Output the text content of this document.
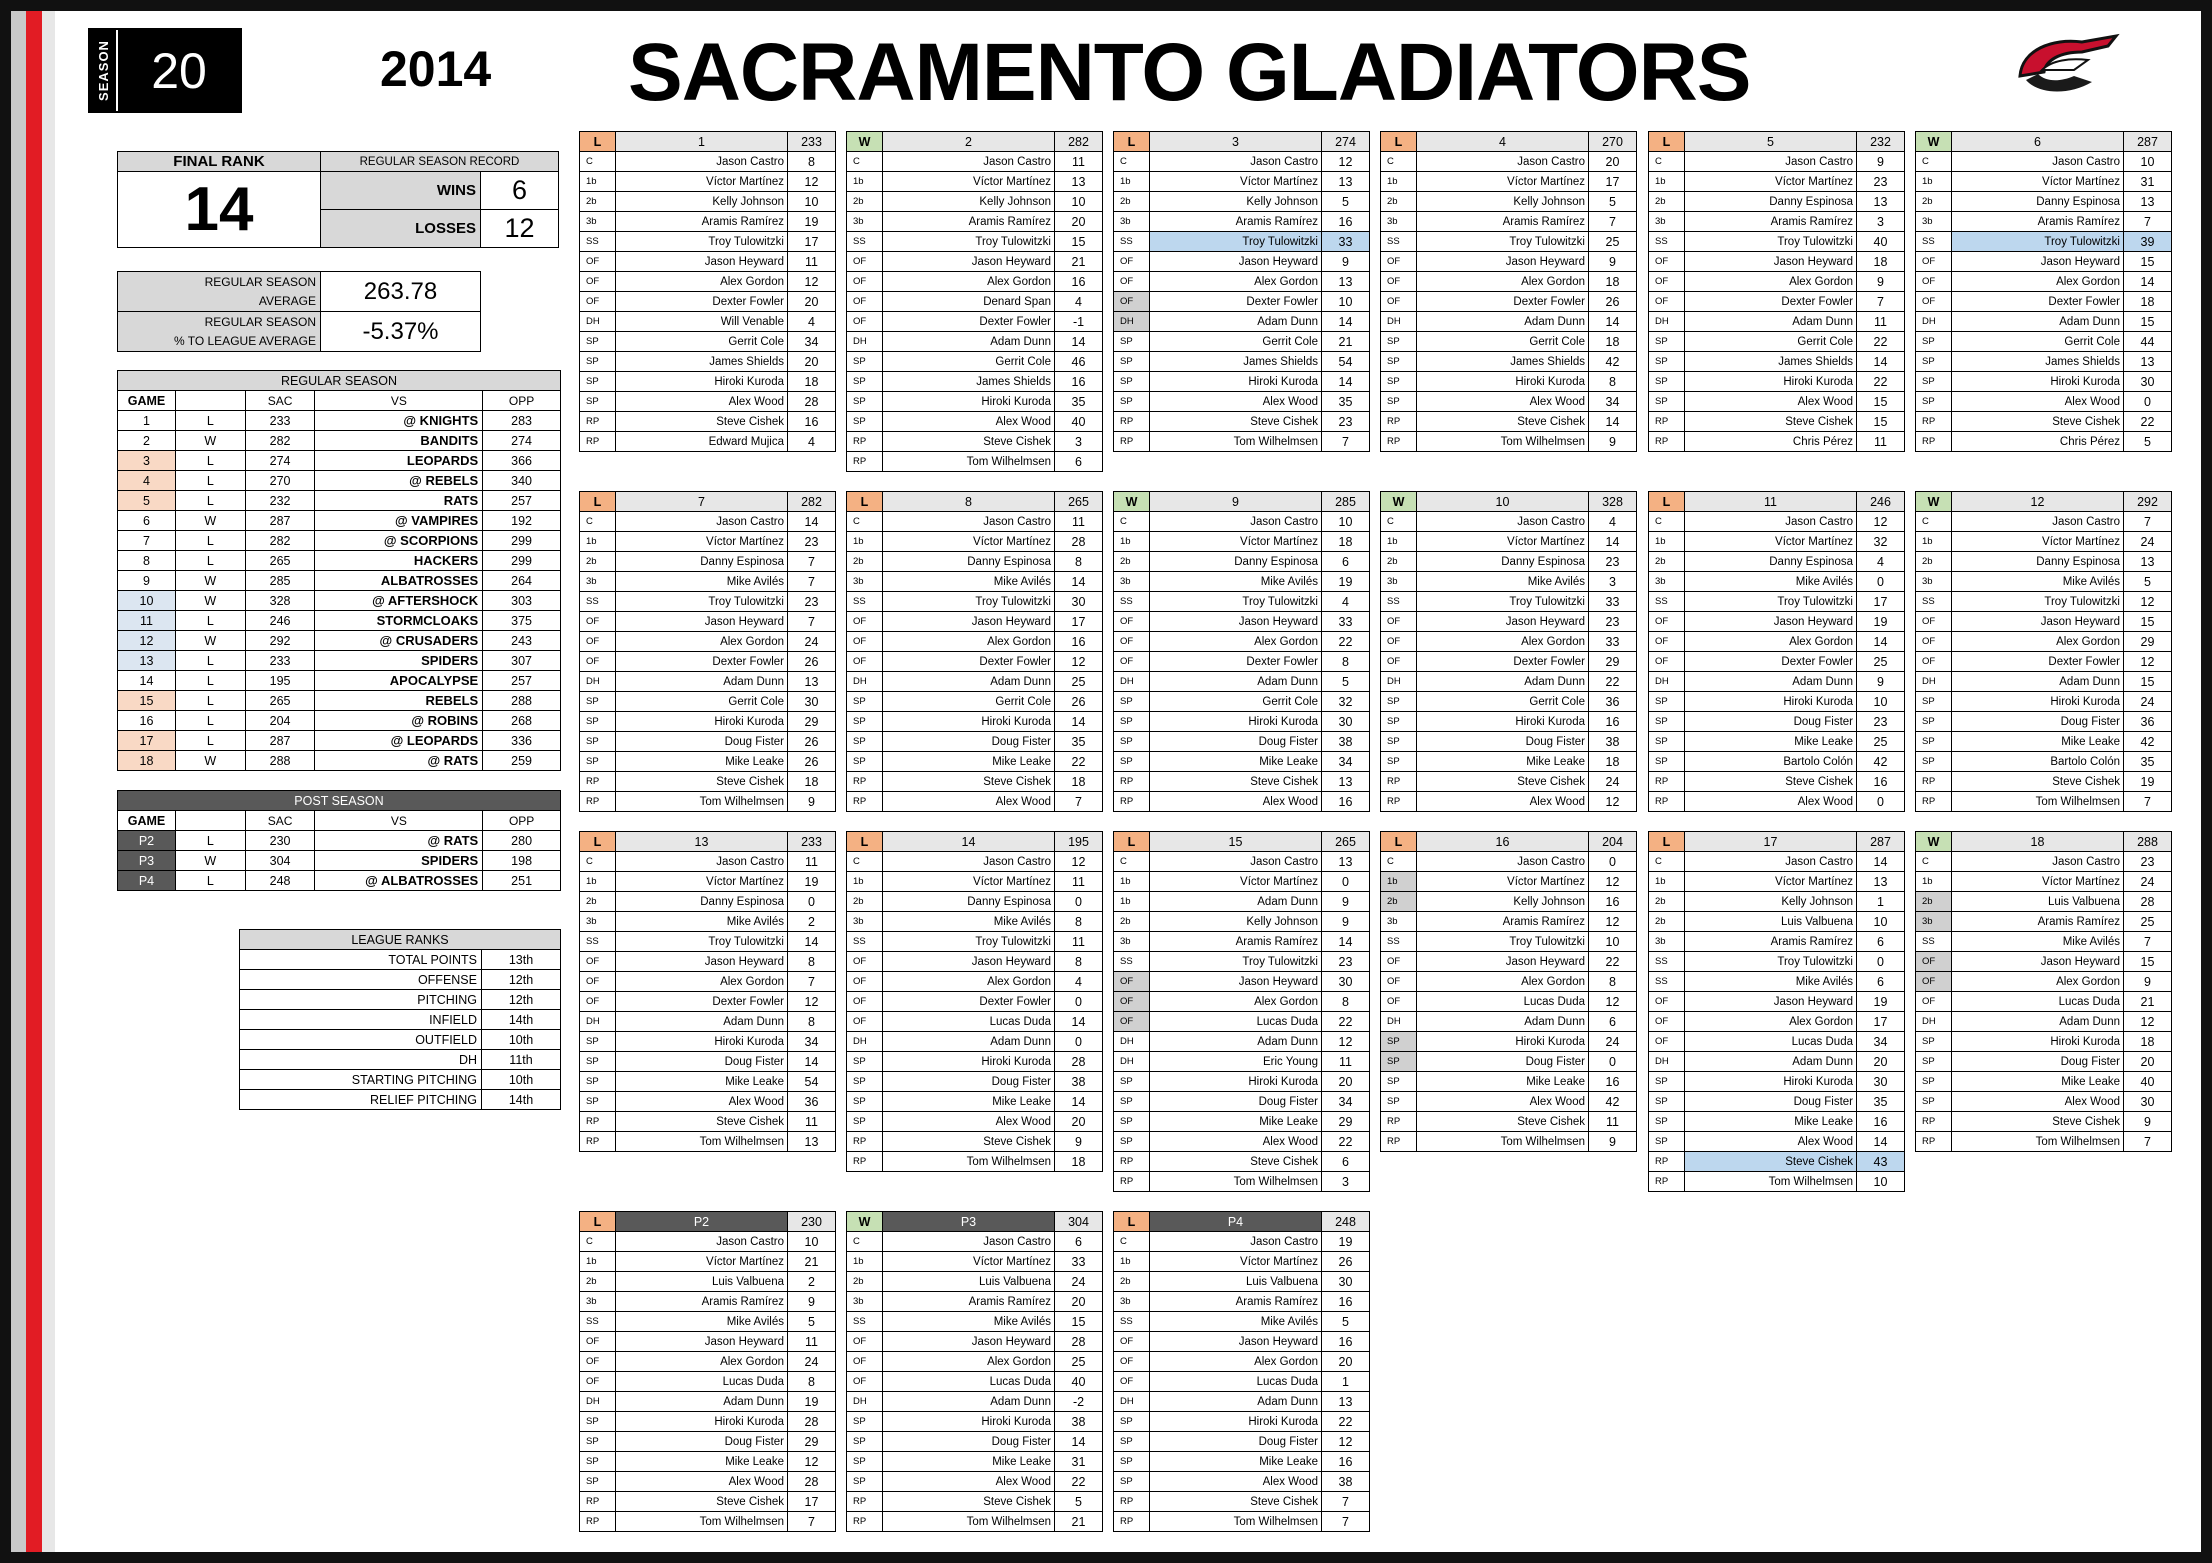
SEASON 20	2014 SACRAMENTO GLADIATORS
FINAL RANK	REGULAR SEASON RECORD	
14	WINS	6
	LOSSES	12
REGULAR SEASON
AVERAGE	263.78

REGULAR SEASON
% TO LEAGUE AVERAGE	-5.37%
REGULAR SEASON				
GAME		SAC	VS	OPP
1	L	233	@ KNIGHTS	283
2	W	282	BANDITS	274
3	L	274	LEOPARDS	366
4	L	270	@ REBELS	340
5	L	232	RATS	257
6	W	287	@ VAMPIRES	192
7	L	282	@ SCORPIONS	299
8	L	265	HACKERS	299
9	W	285	ALBATROSSES	264
10	W	328	@ AFTERSHOCK	303
11	L	246	STORMCLOAKS	375
12	W	292	@ CRUSADERS	243
13	L	233	SPIDERS	307
14	L	195	APOCALYPSE	257
15	L	265	REBELS	288
16	L	204	@ ROBINS	268
17	L	287	@ LEOPARDS	336
18	W	288	@ RATS	259
POST SEASON				
GAME		SAC	VS	OPP
P2	L	230	@ RATS	280
P3	W	304	SPIDERS	198
P4	L	248	@ ALBATROSSES	251
LEAGUE RANKS	
TOTAL POINTS	13th
OFFENSE	12th
PITCHING	12th
INFIELD	14th
OUTFIELD	10th
DH	11th
STARTING PITCHING	10th
RELIEF PITCHING	14th
L	1	233
C	Jason Castro	8
1b	Víctor Martínez	12
2b	Kelly Johnson	10
3b	Aramis Ramírez	19
SS	Troy Tulowitzki	17
OF	Jason Heyward	11
OF	Alex Gordon	12
OF	Dexter Fowler	20
DH	Will Venable	4
SP	Gerrit Cole	34
SP	James Shields	20
SP	Hiroki Kuroda	18
SP	Alex Wood	28
RP	Steve Cishek	16
RP	Edward Mujica	4
W	2	282
C	Jason Castro	11
1b	Víctor Martínez	13
2b	Kelly Johnson	10
3b	Aramis Ramírez	20
SS	Troy Tulowitzki	15
OF	Jason Heyward	21
OF	Alex Gordon	16
OF	Denard Span	4
OF	Dexter Fowler	-1
DH	Adam Dunn	14
SP	Gerrit Cole	46
SP	James Shields	16
SP	Hiroki Kuroda	35
SP	Alex Wood	40
RP	Steve Cishek	3
RP	Tom Wilhelmsen	6
L	3	274
C	Jason Castro	12
1b	Víctor Martínez	13
2b	Kelly Johnson	5
3b	Aramis Ramírez	16
SS	Troy Tulowitzki	33
OF	Jason Heyward	9
OF	Alex Gordon	13
OF	Dexter Fowler	10
DH	Adam Dunn	14
SP	Gerrit Cole	21
SP	James Shields	54
SP	Hiroki Kuroda	14
SP	Alex Wood	35
RP	Steve Cishek	23
RP	Tom Wilhelmsen	7
L	4	270
C	Jason Castro	20
1b	Víctor Martínez	17
2b	Kelly Johnson	5
3b	Aramis Ramírez	7
SS	Troy Tulowitzki	25
OF	Jason Heyward	9
OF	Alex Gordon	18
OF	Dexter Fowler	26
DH	Adam Dunn	14
SP	Gerrit Cole	18
SP	James Shields	42
SP	Hiroki Kuroda	8
SP	Alex Wood	34
RP	Steve Cishek	14
RP	Tom Wilhelmsen	9
L	5	232
C	Jason Castro	9
1b	Víctor Martínez	23
2b	Danny Espinosa	13
3b	Aramis Ramírez	3
SS	Troy Tulowitzki	40
OF	Jason Heyward	18
OF	Alex Gordon	9
OF	Dexter Fowler	7
DH	Adam Dunn	11
SP	Gerrit Cole	22
SP	James Shields	14
SP	Hiroki Kuroda	22
SP	Alex Wood	15
RP	Steve Cishek	15
RP	Chris Pérez	11
W	6	287
C	Jason Castro	10
1b	Víctor Martínez	31
2b	Danny Espinosa	13
3b	Aramis Ramírez	7
SS	Troy Tulowitzki	39
OF	Jason Heyward	15
OF	Alex Gordon	14
OF	Dexter Fowler	18
DH	Adam Dunn	15
SP	Gerrit Cole	44
SP	James Shields	13
SP	Hiroki Kuroda	30
SP	Alex Wood	0
RP	Steve Cishek	22
RP	Chris Pérez	5
L	7	282
C	Jason Castro	14
1b	Víctor Martínez	23
2b	Danny Espinosa	7
3b	Mike Avilés	7
SS	Troy Tulowitzki	23
OF	Jason Heyward	7
OF	Alex Gordon	24
OF	Dexter Fowler	26
DH	Adam Dunn	13
SP	Gerrit Cole	30
SP	Hiroki Kuroda	29
SP	Doug Fister	26
SP	Mike Leake	26
RP	Steve Cishek	18
RP	Tom Wilhelmsen	9
L	8	265
C	Jason Castro	11
1b	Víctor Martínez	28
2b	Danny Espinosa	8
3b	Mike Avilés	14
SS	Troy Tulowitzki	30
OF	Jason Heyward	17
OF	Alex Gordon	16
OF	Dexter Fowler	12
DH	Adam Dunn	25
SP	Gerrit Cole	26
SP	Hiroki Kuroda	14
SP	Doug Fister	35
SP	Mike Leake	22
RP	Steve Cishek	18
RP	Alex Wood	7
W	9	285
C	Jason Castro	10
1b	Víctor Martínez	18
2b	Danny Espinosa	6
3b	Mike Avilés	19
SS	Troy Tulowitzki	4
OF	Jason Heyward	33
OF	Alex Gordon	22
OF	Dexter Fowler	8
DH	Adam Dunn	5
SP	Gerrit Cole	32
SP	Hiroki Kuroda	30
SP	Doug Fister	38
SP	Mike Leake	34
RP	Steve Cishek	13
RP	Alex Wood	16
W	10	328
C	Jason Castro	4
1b	Víctor Martínez	14
2b	Danny Espinosa	23
3b	Mike Avilés	3
SS	Troy Tulowitzki	33
OF	Jason Heyward	23
OF	Alex Gordon	33
OF	Dexter Fowler	29
DH	Adam Dunn	22
SP	Gerrit Cole	36
SP	Hiroki Kuroda	16
SP	Doug Fister	38
SP	Mike Leake	18
RP	Steve Cishek	24
RP	Alex Wood	12
L	11	246
C	Jason Castro	12
1b	Víctor Martínez	32
2b	Danny Espinosa	4
3b	Mike Avilés	0
SS	Troy Tulowitzki	17
OF	Jason Heyward	19
OF	Alex Gordon	14
OF	Dexter Fowler	25
DH	Adam Dunn	9
SP	Hiroki Kuroda	10
SP	Doug Fister	23
SP	Mike Leake	25
SP	Bartolo Colón	42
RP	Steve Cishek	16
RP	Alex Wood	0
W	12	292
C	Jason Castro	7
1b	Víctor Martínez	24
2b	Danny Espinosa	13
3b	Mike Avilés	5
SS	Troy Tulowitzki	12
OF	Jason Heyward	15
OF	Alex Gordon	29
OF	Dexter Fowler	12
DH	Adam Dunn	15
SP	Hiroki Kuroda	24
SP	Doug Fister	36
SP	Mike Leake	42
SP	Bartolo Colón	35
RP	Steve Cishek	19
RP	Tom Wilhelmsen	7
L	13	233
C	Jason Castro	11
1b	Víctor Martínez	19
2b	Danny Espinosa	0
3b	Mike Avilés	2
SS	Troy Tulowitzki	14
OF	Jason Heyward	8
OF	Alex Gordon	7
OF	Dexter Fowler	12
DH	Adam Dunn	8
SP	Hiroki Kuroda	34
SP	Doug Fister	14
SP	Mike Leake	54
SP	Alex Wood	36
RP	Steve Cishek	11
RP	Tom Wilhelmsen	13
L	14	195
C	Jason Castro	12
1b	Víctor Martínez	11
2b	Danny Espinosa	0
3b	Mike Avilés	8
SS	Troy Tulowitzki	11
OF	Jason Heyward	8
OF	Alex Gordon	4
OF	Dexter Fowler	0
OF	Lucas Duda	14
DH	Adam Dunn	0
SP	Hiroki Kuroda	28
SP	Doug Fister	38
SP	Mike Leake	14
SP	Alex Wood	20
RP	Steve Cishek	9
RP	Tom Wilhelmsen	18
L	15	265
C	Jason Castro	13
1b	Víctor Martínez	0
1b	Adam Dunn	9
2b	Kelly Johnson	9
3b	Aramis Ramírez	14
SS	Troy Tulowitzki	23
OF	Jason Heyward	30
OF	Alex Gordon	8
OF	Lucas Duda	22
DH	Adam Dunn	12
DH	Eric Young	11
SP	Hiroki Kuroda	20
SP	Doug Fister	34
SP	Mike Leake	29
SP	Alex Wood	22
RP	Steve Cishek	6
RP	Tom Wilhelmsen	3
L	16	204
C	Jason Castro	0
1b	Víctor Martínez	12
2b	Kelly Johnson	16
3b	Aramis Ramírez	12
SS	Troy Tulowitzki	10
OF	Jason Heyward	22
OF	Alex Gordon	8
OF	Lucas Duda	12
DH	Adam Dunn	6
SP	Hiroki Kuroda	24
SP	Doug Fister	0
SP	Mike Leake	16
SP	Alex Wood	42
RP	Steve Cishek	11
RP	Tom Wilhelmsen	9
L	17	287
C	Jason Castro	14
1b	Víctor Martínez	13
2b	Kelly Johnson	1
2b	Luis Valbuena	10
3b	Aramis Ramírez	6
SS	Troy Tulowitzki	0
SS	Mike Avilés	6
OF	Jason Heyward	19
OF	Alex Gordon	17
OF	Lucas Duda	34
DH	Adam Dunn	20
SP	Hiroki Kuroda	30
SP	Doug Fister	35
SP	Mike Leake	16
SP	Alex Wood	14
RP	Steve Cishek	43
RP	Tom Wilhelmsen	10
W	18	288
C	Jason Castro	23
1b	Víctor Martínez	24
2b	Luis Valbuena	28
3b	Aramis Ramírez	25
SS	Mike Avilés	7
OF	Jason Heyward	15
OF	Alex Gordon	9
OF	Lucas Duda	21
DH	Adam Dunn	12
SP	Hiroki Kuroda	18
SP	Doug Fister	20
SP	Mike Leake	40
SP	Alex Wood	30
RP	Steve Cishek	9
RP	Tom Wilhelmsen	7
L	P2	230
C	Jason Castro	10
1b	Víctor Martínez	21
2b	Luis Valbuena	2
3b	Aramis Ramírez	9
SS	Mike Avilés	5
OF	Jason Heyward	11
OF	Alex Gordon	24
OF	Lucas Duda	8
DH	Adam Dunn	19
SP	Hiroki Kuroda	28
SP	Doug Fister	29
SP	Mike Leake	12
SP	Alex Wood	28
RP	Steve Cishek	17
RP	Tom Wilhelmsen	7
W	P3	304
C	Jason Castro	6
1b	Víctor Martínez	33
2b	Luis Valbuena	24
3b	Aramis Ramírez	20
SS	Mike Avilés	15
OF	Jason Heyward	28
OF	Alex Gordon	25
OF	Lucas Duda	40
DH	Adam Dunn	-2
SP	Hiroki Kuroda	38
SP	Doug Fister	14
SP	Mike Leake	31
SP	Alex Wood	22
RP	Steve Cishek	5
RP	Tom Wilhelmsen	21
L	P4	248
C	Jason Castro	19
1b	Víctor Martínez	26
2b	Luis Valbuena	30
3b	Aramis Ramírez	16
SS	Mike Avilés	5
OF	Jason Heyward	16
OF	Alex Gordon	20
OF	Lucas Duda	1
DH	Adam Dunn	13
SP	Hiroki Kuroda	22
SP	Doug Fister	12
SP	Mike Leake	16
SP	Alex Wood	38
RP	Steve Cishek	7
RP	Tom Wilhelmsen	7
